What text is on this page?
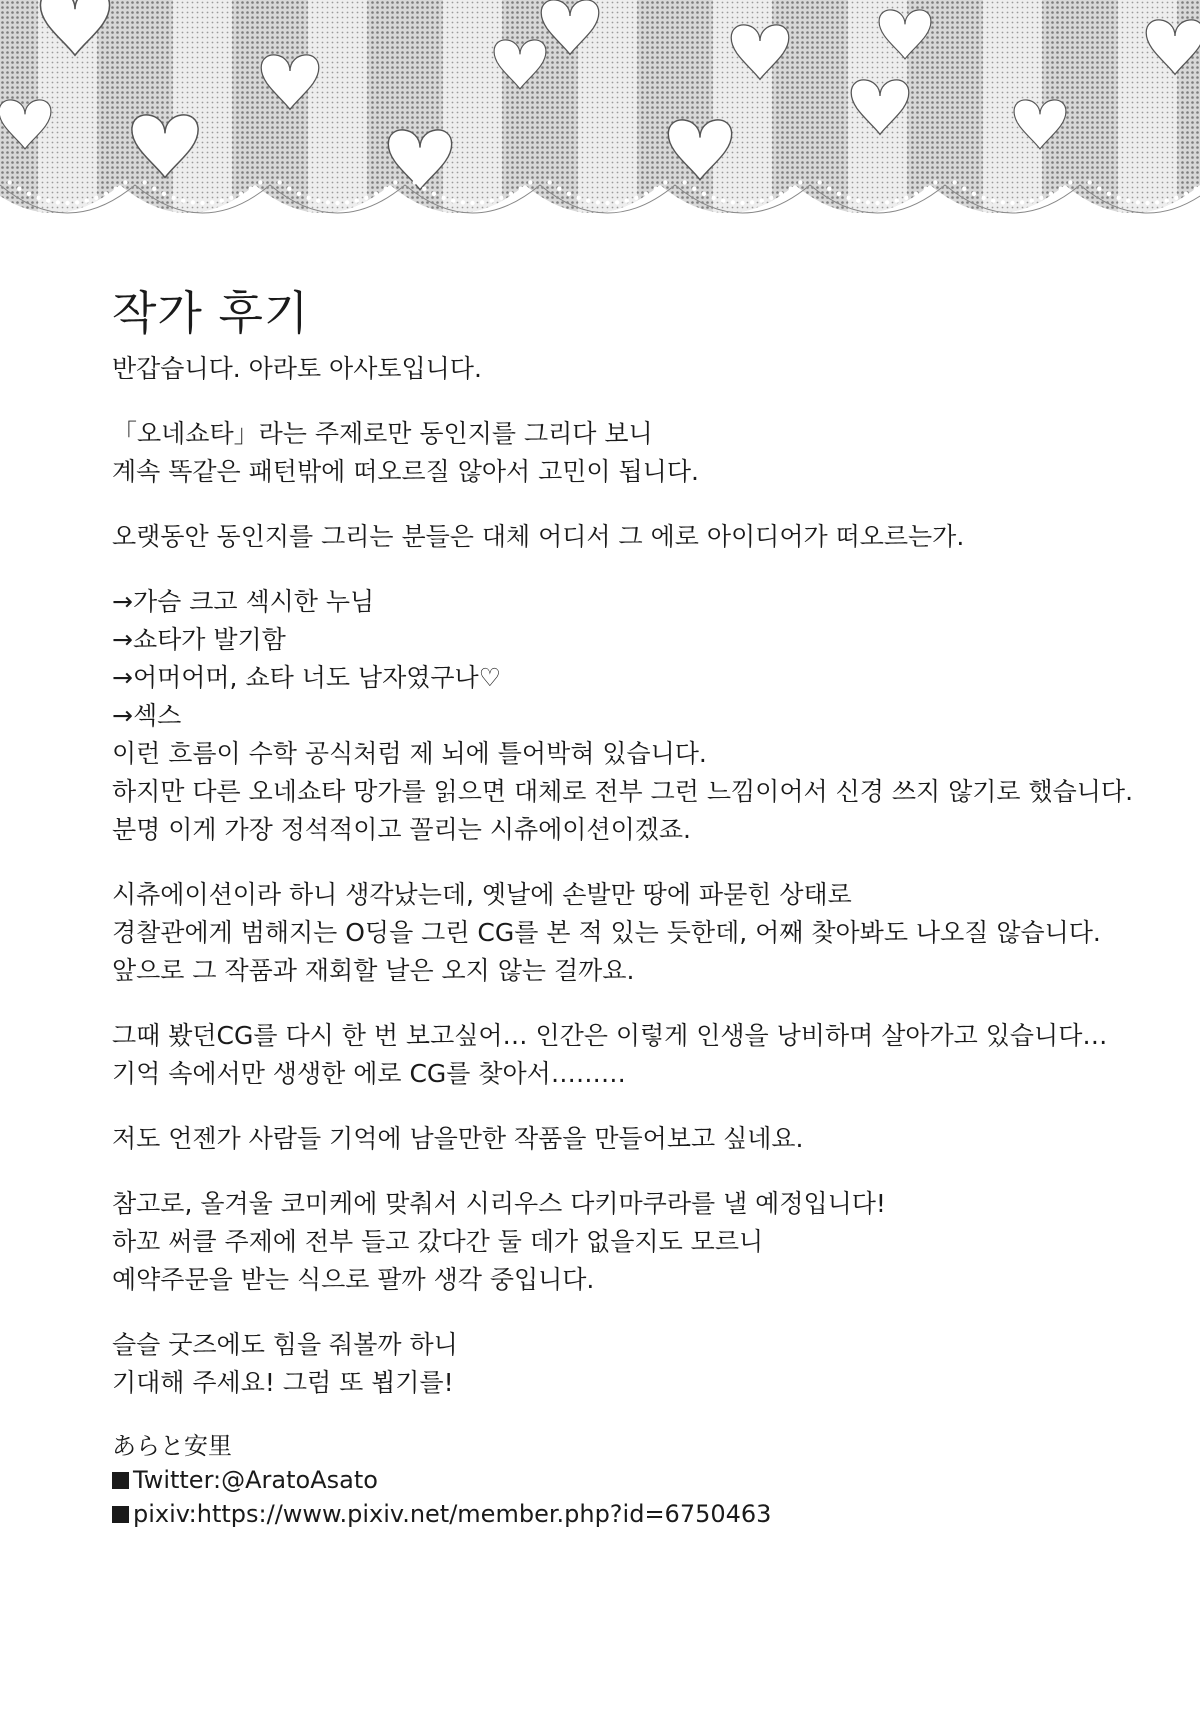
작가 후기
반갑습니다. 아라토 아사토입니다.
「오네쇼타」라는 주제로만 동인지를 그리다 보니
계속 똑같은 패턴밖에 떠오르질 않아서 고민이 됩니다.
오랫동안 동인지를 그리는 분들은 대체 어디서 그 에로 아이디어가 떠오르는가.
→가슴 크고 섹시한 누님
→쇼타가 발기함
→어머어머, 쇼타 너도 남자였구나♡
→섹스
이런 흐름이 수학 공식처럼 제 뇌에 틀어박혀 있습니다.
하지만 다른 오네쇼타 망가를 읽으면 대체로 전부 그런 느낌이어서 신경 쓰지 않기로 했습니다.
분명 이게 가장 정석적이고 꼴리는 시츄에이션이겠죠.
시츄에이션이라 하니 생각났는데, 옛날에 손발만 땅에 파묻힌 상태로
경찰관에게 범해지는 O딩을 그린 CG를 본 적 있는 듯한데, 어째 찾아봐도 나오질 않습니다.
앞으로 그 작품과 재회할 날은 오지 않는 걸까요.
그때 봤던CG를 다시 한 번 보고싶어… 인간은 이렇게 인생을 낭비하며 살아가고 있습니다…
기억 속에서만 생생한 에로 CG를 찾아서………
저도 언젠가 사람들 기억에 남을만한 작품을 만들어보고 싶네요.
참고로, 올겨울 코미케에 맞춰서 시리우스 다키마쿠라를 낼 예정입니다!
하꼬 써클 주제에 전부 들고 갔다간 둘 데가 없을지도 모르니
예약주문을 받는 식으로 팔까 생각 중입니다.
슬슬 굿즈에도 힘을 줘볼까 하니
기대해 주세요! 그럼 또 뵙기를!
あらと安里
Twitter:@AratoAsato
pixiv:https://www.pixiv.net/member.php?id=6750463
